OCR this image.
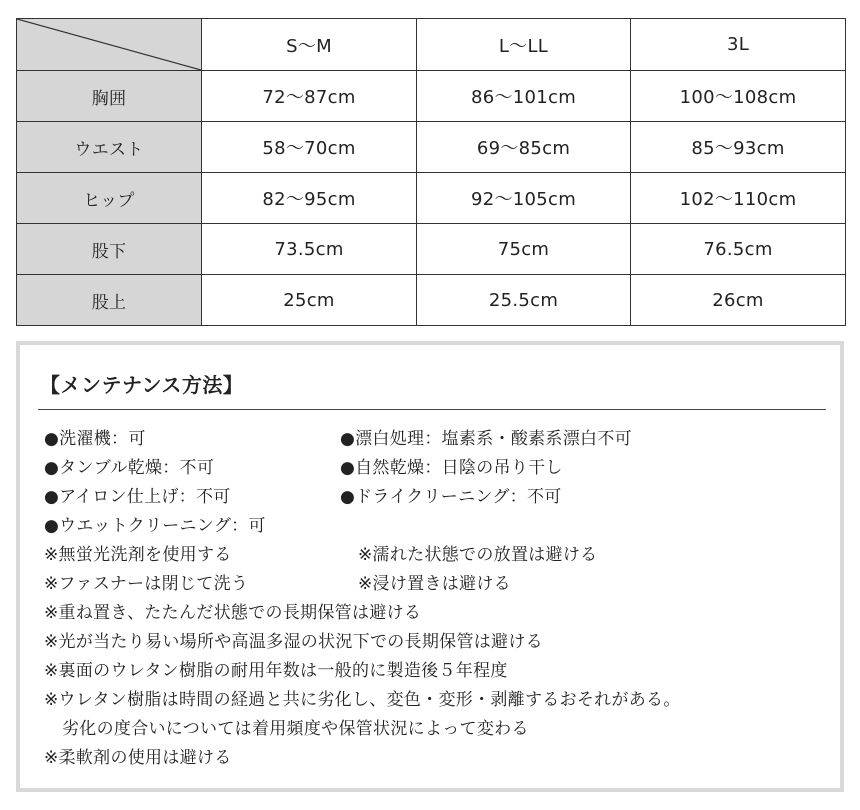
	S～M	L～LL	3L
胸囲	72～87cm	86～101cm	100～108cm
ウエスト	58～70cm	69～85cm	85～93cm
ヒップ	82～95cm	92～105cm	102～110cm
股下	73.5cm	75cm	76.5cm
股上	25cm	25.5cm	26cm
【メンテナンス方法】
●洗濯機：可	●漂白処理：塩素系・酸素系漂白不可
●タンブル乾燥：不可	●自然乾燥：日陰の吊り干し
●アイロン仕上げ：不可	●ドライクリーニング：不可
●ウエットクリーニング：可
※無蛍光洗剤を使用する	※濡れた状態での放置は避ける
※ファスナーは閉じて洗う	※浸け置きは避ける
※重ね置き、たたんだ状態での長期保管は避ける
※光が当たり易い場所や高温多湿の状況下での長期保管は避ける
※裏面のウレタン樹脂の耐用年数は一般的に製造後５年程度
※ウレタン樹脂は時間の経過と共に劣化し、変色・変形・剥離するおそれがある。
劣化の度合いについては着用頻度や保管状況によって変わる
※柔軟剤の使用は避ける
